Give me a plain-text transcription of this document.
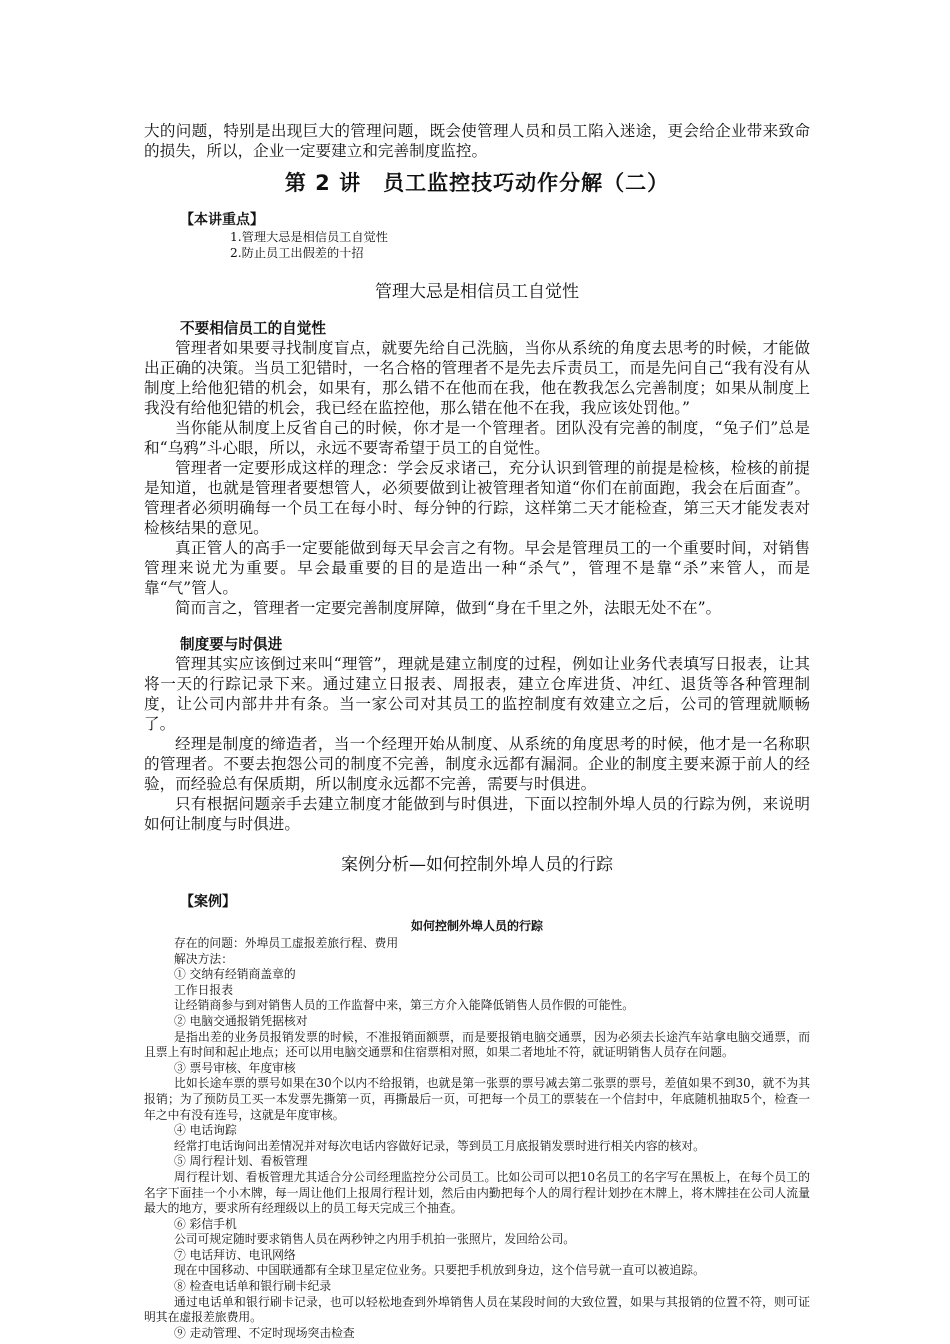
大的问题，特别是出现巨大的管理问题，既会使管理人员和员工陷入迷途，更会给企业带来致命的损失，所以，企业一定要建立和完善制度监控。

第 2 讲　员工监控技巧动作分解（二）

【本讲重点】

1.管理大忌是相信员工自觉性

2.防止员工出假差的十招

管理大忌是相信员工自觉性

不要相信员工的自觉性

管理者如果要寻找制度盲点，就要先给自己洗脑，当你从系统的角度去思考的时候，才能做出正确的决策。当员工犯错时，一名合格的管理者不是先去斥责员工，而是先问自己“我有没有从制度上给他犯错的机会，如果有，那么错不在他而在我，他在教我怎么完善制度；如果从制度上我没有给他犯错的机会，我已经在监控他，那么错在他不在我，我应该处罚他。”

当你能从制度上反省自己的时候，你才是一个管理者。团队没有完善的制度，“兔子们”总是和“乌鸦”斗心眼，所以，永远不要寄希望于员工的自觉性。

管理者一定要形成这样的理念：学会反求诸己，充分认识到管理的前提是检核，检核的前提是知道，也就是管理者要想管人，必须要做到让被管理者知道“你们在前面跑，我会在后面查”。管理者必须明确每一个员工在每小时、每分钟的行踪，这样第二天才能检查，第三天才能发表对检核结果的意见。

真正管人的高手一定要能做到每天早会言之有物。早会是管理员工的一个重要时间，对销售管理来说尤为重要。早会最重要的目的是造出一种“杀气”，管理不是靠“杀”来管人，而是靠“气”管人。

简而言之，管理者一定要完善制度屏障，做到“身在千里之外，法眼无处不在”。

制度要与时俱进

管理其实应该倒过来叫“理管”，理就是建立制度的过程，例如让业务代表填写日报表，让其将一天的行踪记录下来。通过建立日报表、周报表，建立仓库进货、冲红、退货等各种管理制度，让公司内部井井有条。当一家公司对其员工的监控制度有效建立之后，公司的管理就顺畅了。

经理是制度的缔造者，当一个经理开始从制度、从系统的角度思考的时候，他才是一名称职的管理者。不要去抱怨公司的制度不完善，制度永远都有漏洞。企业的制度主要来源于前人的经验，而经验总有保质期，所以制度永远都不完善，需要与时俱进。

只有根据问题亲手去建立制度才能做到与时俱进，下面以控制外埠人员的行踪为例，来说明如何让制度与时俱进。

案例分析—如何控制外埠人员的行踪

【案例】

如何控制外埠人员的行踪

存在的问题：外埠员工虚报差旅行程、费用

解决方法：

① 交纳有经销商盖章的

工作日报表

让经销商参与到对销售人员的工作监督中来，第三方介入能降低销售人员作假的可能性。

② 电脑交通报销凭据核对

是指出差的业务员报销发票的时候，不准报销面额票，而是要报销电脑交通票，因为必须去长途汽车站拿电脑交通票，而且票上有时间和起止地点；还可以用电脑交通票和住宿票相对照，如果二者地址不符，就证明销售人员存在问题。

③ 票号审核、年度审核

比如长途车票的票号如果在30个以内不给报销，也就是第一张票的票号减去第二张票的票号，差值如果不到30，就不为其报销；为了预防员工买一本发票先撕第一页，再撕最后一页，可把每一个员工的票装在一个信封中，年底随机抽取5个，检查一年之中有没有连号，这就是年度审核。

④ 电话询踪

经常打电话询问出差情况并对每次电话内容做好记录，等到员工月底报销发票时进行相关内容的核对。

⑤ 周行程计划、看板管理

周行程计划、看板管理尤其适合分公司经理监控分公司员工。比如公司可以把10名员工的名字写在黑板上，在每个员工的名字下面挂一个小木牌，每一周让他们上报周行程计划，然后由内勤把每个人的周行程计划抄在木牌上，将木牌挂在公司人流量最大的地方，要求所有经理级以上的员工每天完成三个抽查。

⑥ 彩信手机

公司可规定随时要求销售人员在两秒钟之内用手机拍一张照片，发回给公司。

⑦ 电话拜访、电讯网络

现在中国移动、中国联通都有全球卫星定位业务。只要把手机放到身边，这个信号就一直可以被追踪。

⑧ 检查电话单和银行刷卡纪录

通过电话单和银行刷卡记录，也可以轻松地查到外埠销售人员在某段时间的大致位置，如果与其报销的位置不符，则可证明其在虚报差旅费用。

⑨ 走动管理、不定时现场突击检查
